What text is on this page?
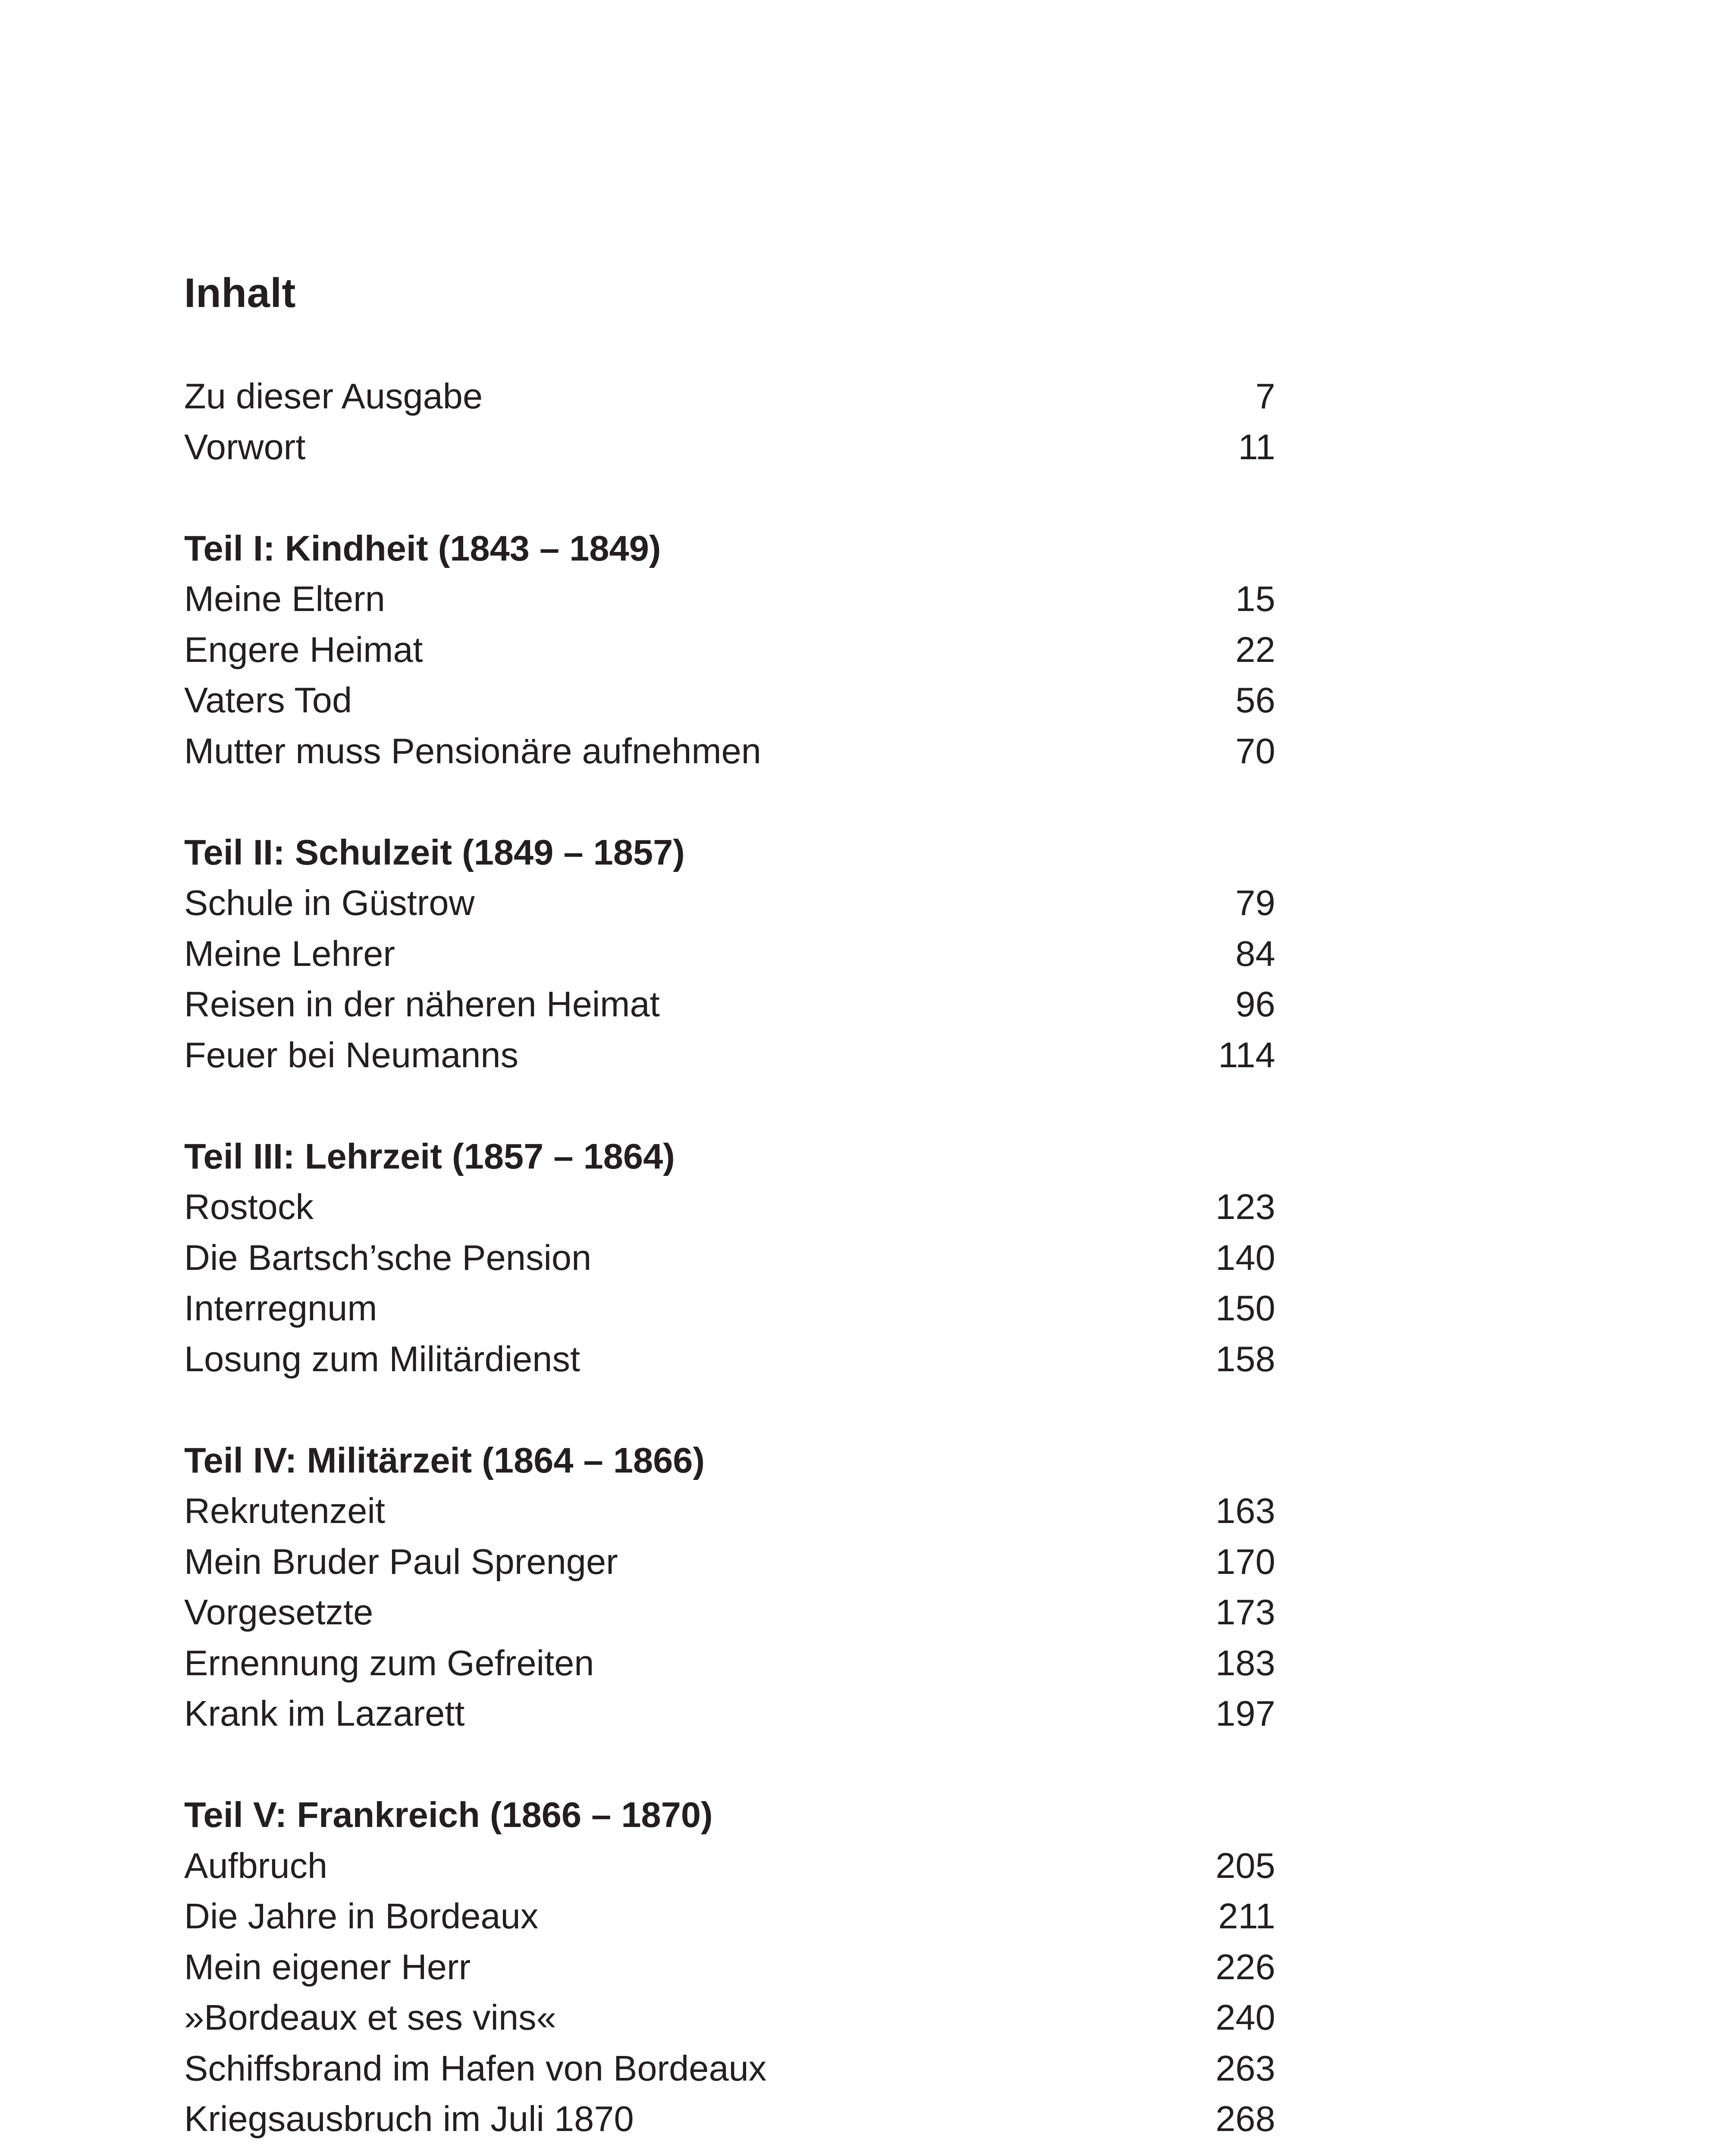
Inhalt
Zu dieser Ausgabe	7
Vorwort	11
Teil I: Kindheit (1843 – 1849)
Meine Eltern	15
Engere Heimat	22
Vaters Tod	56
Mutter muss Pensionäre aufnehmen	70
Teil II: Schulzeit (1849 – 1857)
Schule in Güstrow	79
Meine Lehrer	84
Reisen in der näheren Heimat	96
Feuer bei Neumanns	114
Teil III: Lehrzeit (1857 – 1864)
Rostock	123
Die Bartsch’sche Pension	140
Interregnum	150
Losung zum Militärdienst	158
Teil IV: Militärzeit (1864 – 1866)
Rekrutenzeit	163
Mein Bruder Paul Sprenger	170
Vorgesetzte	173
Ernennung zum Gefreiten	183
Krank im Lazarett	197
Teil V: Frankreich (1866 – 1870)
Aufbruch	205
Die Jahre in Bordeaux	211
Mein eigener Herr	226
»Bordeaux et ses vins«	240
Schiffsbrand im Hafen von Bordeaux	263
Kriegsausbruch im Juli 1870	268
